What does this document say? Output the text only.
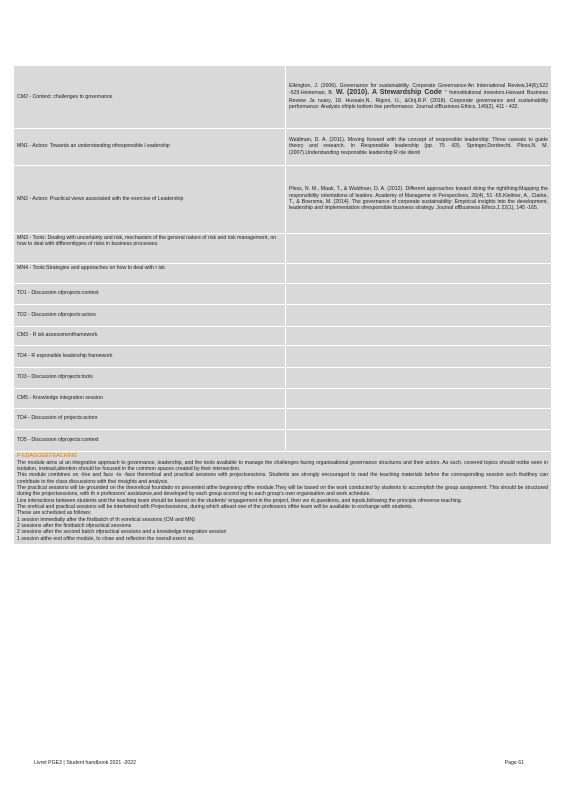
CM2 - Context: challenges to governance	Elkington, J. (2006). Governance for sustainability. Corporate Governance:An International Review,14(6),522 -529.Heineman, B. W. (2010). A Stewardship Code " forinstitutional investors.Harvard Business Review Ja nuary, 18. Hussain,N., Rigoni, U., &Orij,R.P. (2018). Corporate governance and sustainability performance: Analysis ofriple bottom line performance. Journal ofBusiness Ethics, 149(2), 411 - 432.
MN1 - Actors: Towards an understanding ofresponsible l eadership	Waldman, D. A. (2011). Moving forward with the concept of responsible leadership: Three caveats to guide theory and research. In Responsible leadership (pp. 75 -83). Springer,Dordrecht. Pless,N. M.(2007).Understanding responsible leadership:R ole identi
MN2 - Actors: Practical views associated with the exercise of Leadership	Pless, N. M., Maak, T., & Waldman, D. A. (2012). Different approaches toward doing the rightthing:Mapping the responsibility orientations of leaders. Academy of Manageme nt Perspectives, 26(4), 51 -65.Klettner, A., Clarke, T., & Boersma, M. (2014). The governance of corporate sustainability: Empirical insights into the development, leadership and implementation ofresponsible business strategy. Journal ofBusiness Ethics,1 22(1), 145 -165.
MN3 - Tools: Dealing with uncertainty and risk, mechanism of the general nature of risk and risk management, on how to deal with differenttypes of risks in business processes.	
MN4 - Tools:Strategies and approaches on how to deal with r isk	
TD1 - Discussion ofprojects:context	
TD2 - Discussion ofprojects:actors	
CM3 - R isk assessmentframework	
TD4 - R esponsible leadership framework	
TD3 - Discussion ofprojects:tools	
CM5 - Knowledge integration session	
TD4 - Discussion of projects:actors	
TD5 - Discussion ofprojects:context	
P EDAGOGETEACHING

The module aims at an integrative approach to governance, leadership, and the tools available to manage the challenges facing organisational governance structures and their actors. As such, covered topics should notbe seen in isolation, instead,attention should be focused in the common spaces created by their intersection.

This module combines on -line and face -to -face theoretical and practical sessions with projectsessions. Students are strongly encouraged to read the teaching materials before the corresponding session such thatthey can contribute to the class discussions with thei rinsights and analysis.

The practical sessions will be grounded on the theoretical foundatio ns presented atthe beginning ofthe module.They will be based on the work conducted by students to accomplish the group assignment. This should be structured during the projectsessions, with th e professors' assistance,and developed by each group accord ing to each group's own organisation and work schedule.

Live interactions between students and the teaching team should be based on the students' engagement in the project, their wo rk,questions, and inputs,following the principle ofreverse teaching.

The oretical and practical sessions will be intertwined with Projectsessions, during which atleast one of the professors ofthe team will be available to exchange with students.

These are scheduled as follows:

1 session immediatly after the firstbatch of th eoretical sessions (CM and MN)

2 sessions after the firstbatch ofpractical sessions

2 sessions after the second batch ofpractical sessions and a knowledge integration session

1 session atthe end ofthe module, to close and reflecton the overall exerci se.

Livret PGE3 | Student handbook 2021 -2022	Page 61
